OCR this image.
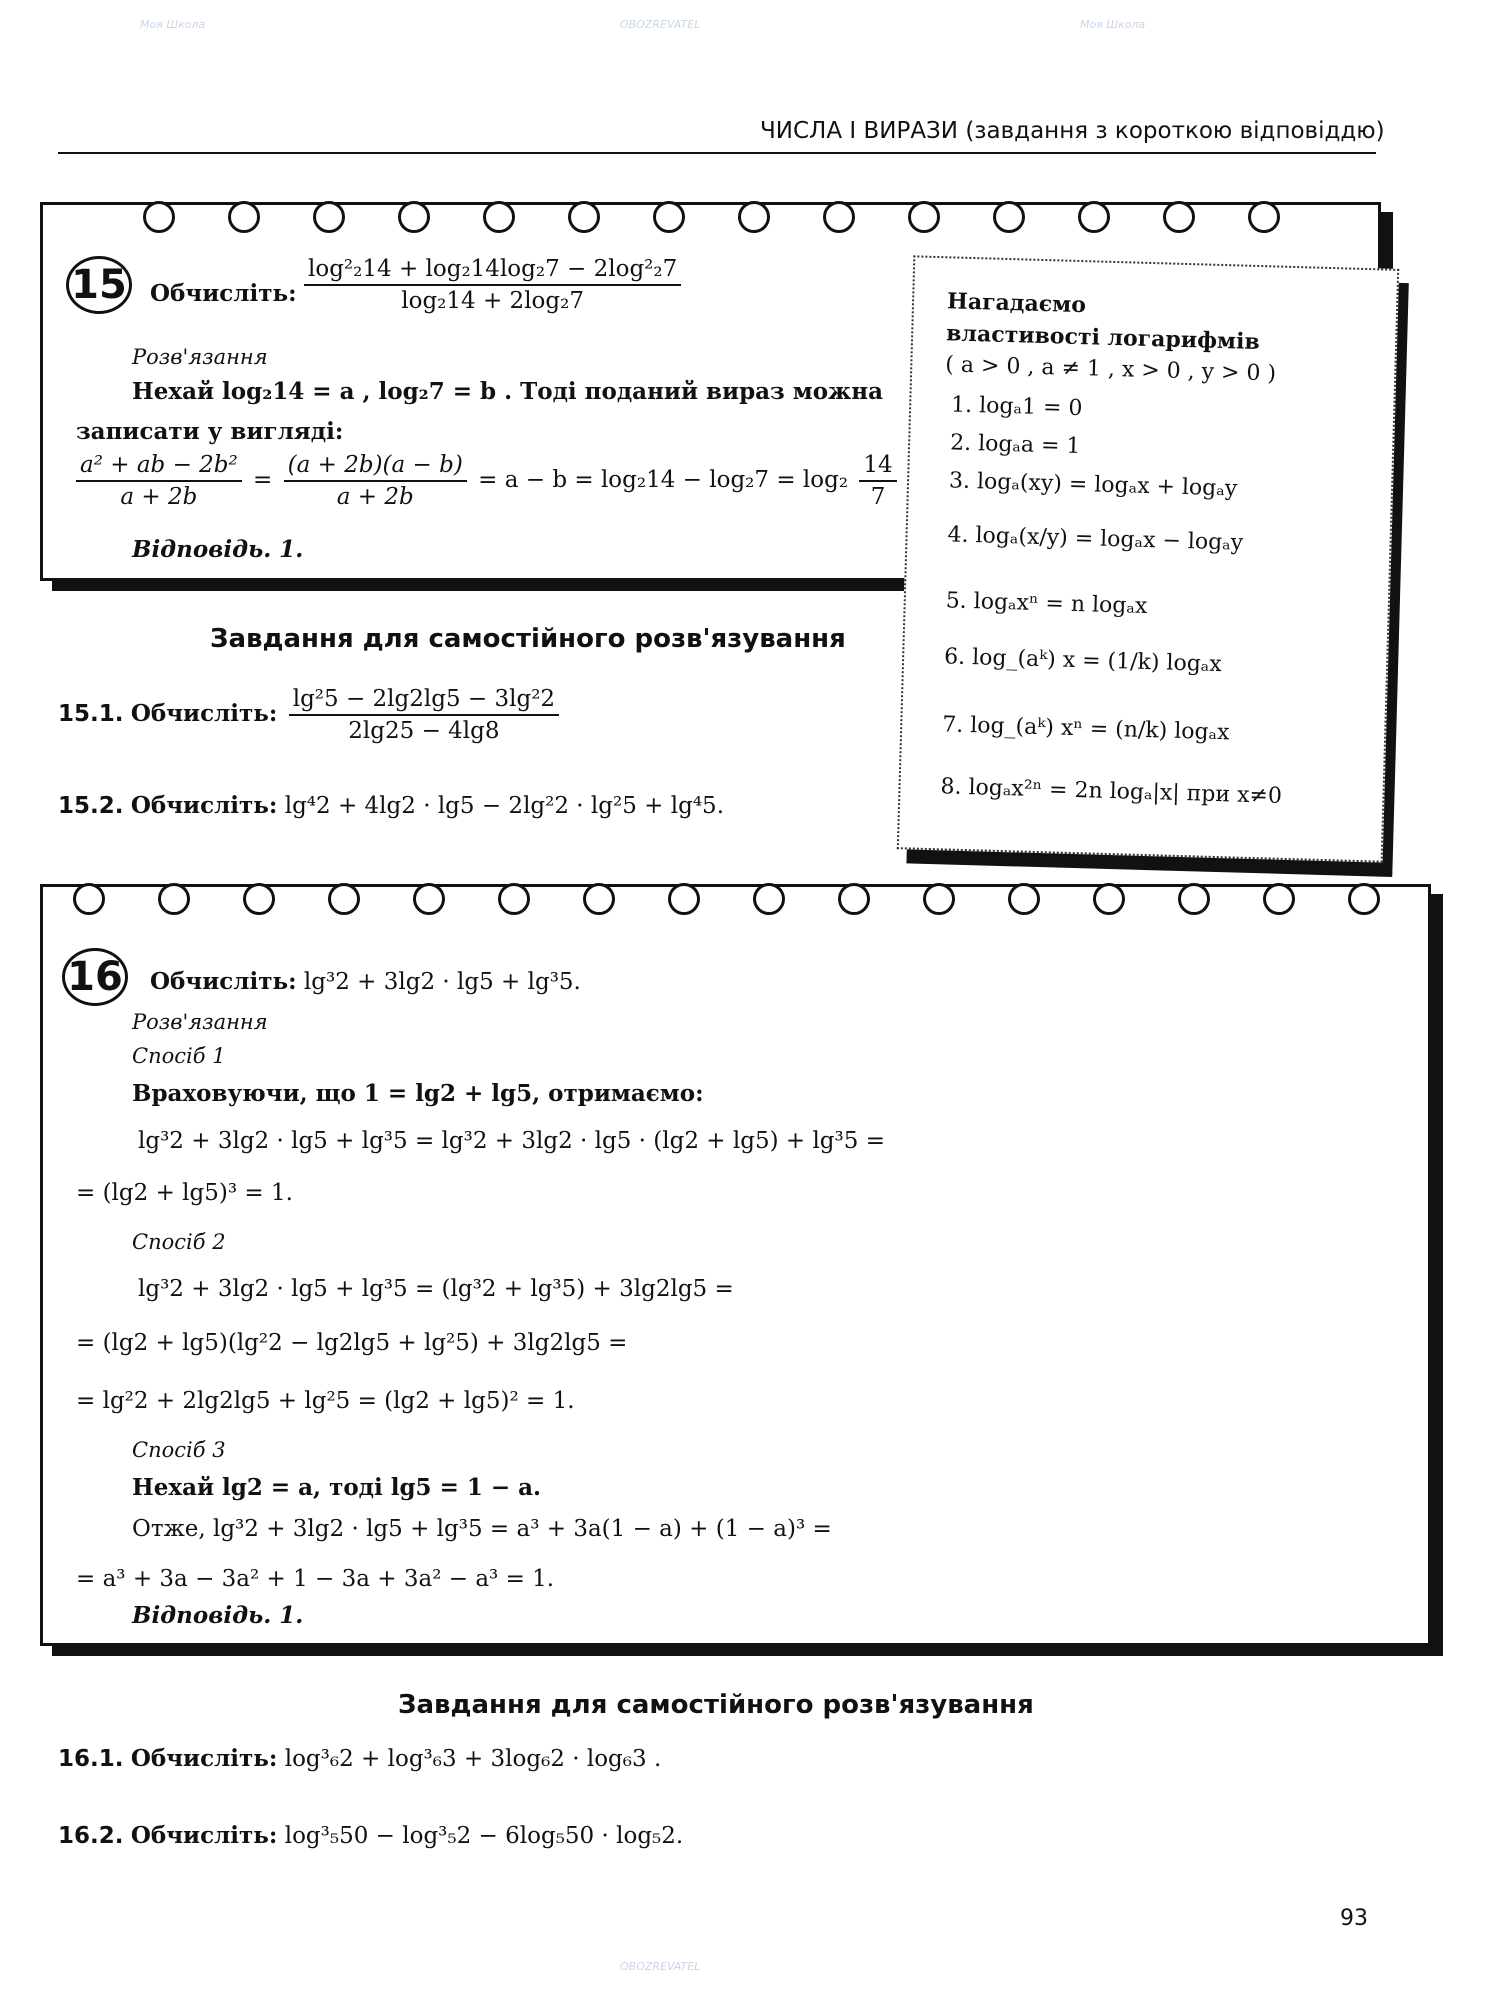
Моя Школа	OBOZREVATEL	Моя Школа
OBOZREVATEL
ЧИСЛА І ВИРАЗИ (завдання з короткою відповіддю)
15 Обчисліть: $\frac{\text{log²₂14 + log₂14log₂7 − 2log²₂7}}{\text{log₂14 + 2log₂7}}$
Розв'язання
Нехай log₂14 = a , log₂7 = b . Тоді поданий вираз можна
записати у вигляді:
$\frac{\text{a² + ab − 2b²}}{a + 2b} = \frac{(a + 2b)(a - b)}{a + 2b} = a - b = \log_214 - \log_27 = \log_2 \frac{14}{7}$
Відповідь. 1.
Нагадаємо
властивості логарифмів
( a > 0 , a ≠ 1 , x > 0 , y > 0 )
1. logₐ1 = 0
2. logₐa = 1
3. logₐ(xy) = logₐx + logₐy
4. logₐ(x/y) = logₐx − logₐy
5. logₐxⁿ = n logₐx
6. log_(aᵏ) x = (1/k) logₐx
7. log_(aᵏ) xⁿ = (n/k) logₐx
8. logₐx²ⁿ = 2n logₐ|x| при x≠0
Завдання для самостійного розв'язування
15.1. Обчисліть: $\frac{\text{lg²5 − 2lg2lg5 − 3lg²2}}{2\lg 25 - 4\lg 8}$
15.2. Обчисліть: lg⁴2 + 4lg2 · lg5 − 2lg²2 · lg²5 + lg⁴5.
16 Обчисліть: lg³2 + 3lg2 · lg5 + lg³5.
Розв'язання
Спосіб 1
Враховуючи, що 1 = lg2 + lg5, отримаємо:
lg³2 + 3lg2 · lg5 + lg³5 = lg³2 + 3lg2 · lg5 · (lg2 + lg5) + lg³5 =
= (lg2 + lg5)³ = 1.
Спосіб 2
lg³2 + 3lg2 · lg5 + lg³5 = (lg³2 + lg³5) + 3lg2lg5 =
= (lg2 + lg5)(lg²2 − lg2lg5 + lg²5) + 3lg2lg5 =
= lg²2 + 2lg2lg5 + lg²5 = (lg2 + lg5)² = 1.
Спосіб 3
Нехай lg2 = a, тоді lg5 = 1 − a.
Отже, lg³2 + 3lg2 · lg5 + lg³5 = a³ + 3a(1 − a) + (1 − a)³ =
= a³ + 3a − 3a² + 1 − 3a + 3a² − a³ = 1.
Відповідь. 1.
Завдання для самостійного розв'язування
16.1. Обчисліть: log³₆2 + log³₆3 + 3log₆2 · log₆3 .
16.2. Обчисліть: log³₅50 − log³₅2 − 6log₅50 · log₅2.
93
